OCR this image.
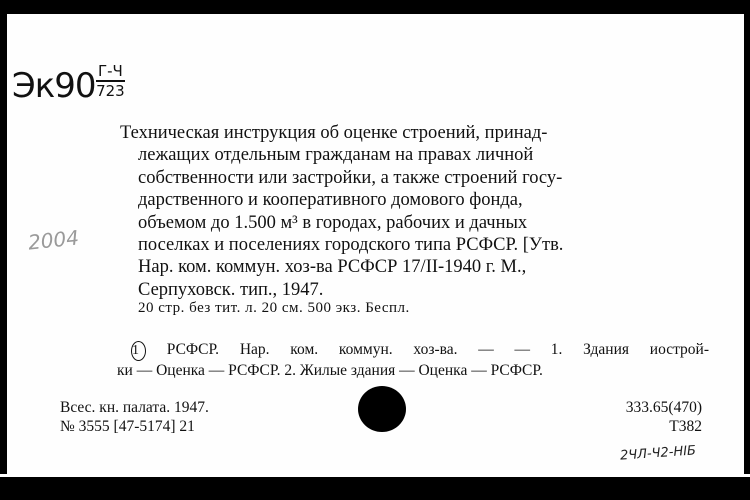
Эк90 Г-Ч
723
2004
Техническая инструкция об оценке строений, принад-
лежащих отдельным гражданам на правах личной
собственности или застройки, а также строений госу-
дарственного и кооперативного домового фонда,
объемом до 1.500 м³ в городах, рабочих и дачных
поселках и поселениях городского типа РСФСР. [Утв.
Нар. ком. коммун. хоз-ва РСФСР 17/II-1940 г. М.,
Серпуховск. тип., 1947.
20 стр. без тит. л. 20 см. 500 экз. Беспл.
1 РСФСР. Нар. ком. коммун. хоз-ва. — — 1. Здания иострой-
ки — Оценка — РСФСР. 2. Жилые здания — Оценка — РСФСР.
Всес. кн. палата. 1947.
№ 3555 [47-5174] 21
333.65(470)
Т382
2ЧЛ-Ч2-НІБ
